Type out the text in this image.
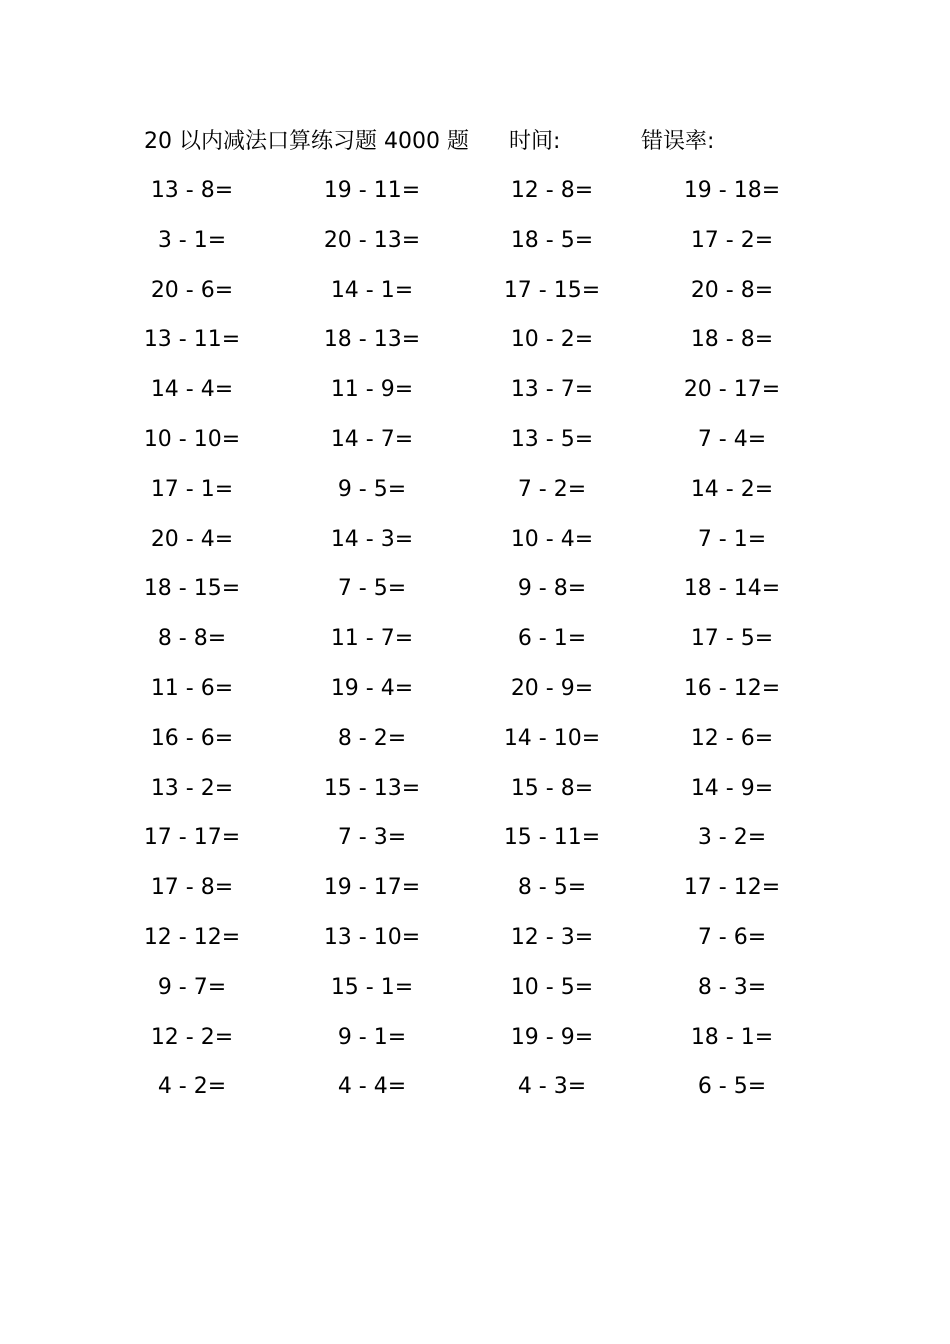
20 以内减法口算练习题 4000 题 时间:	错误率:
13 - 8=	19 - 11=	12 - 8=	19 - 18=
3 - 1=	20 - 13=	18 - 5=	17 - 2=
20 - 6=	14 - 1=	17 - 15=	20 - 8=
13 - 11=	18 - 13=	10 - 2=	18 - 8=
14 - 4=	11 - 9=	13 - 7=	20 - 17=
10 - 10=	14 - 7=	13 - 5=	7 - 4=
17 - 1=	9 - 5=	7 - 2=	14 - 2=
20 - 4=	14 - 3=	10 - 4=	7 - 1=
18 - 15=	7 - 5=	9 - 8=	18 - 14=
8 - 8=	11 - 7=	6 - 1=	17 - 5=
11 - 6=	19 - 4=	20 - 9=	16 - 12=
16 - 6=	8 - 2=	14 - 10=	12 - 6=
13 - 2=	15 - 13=	15 - 8=	14 - 9=
17 - 17=	7 - 3=	15 - 11=	3 - 2=
17 - 8=	19 - 17=	8 - 5=	17 - 12=
12 - 12=	13 - 10=	12 - 3=	7 - 6=
9 - 7=	15 - 1=	10 - 5=	8 - 3=
12 - 2=	9 - 1=	19 - 9=	18 - 1=
4 - 2=	4 - 4=	4 - 3=	6 - 5=
